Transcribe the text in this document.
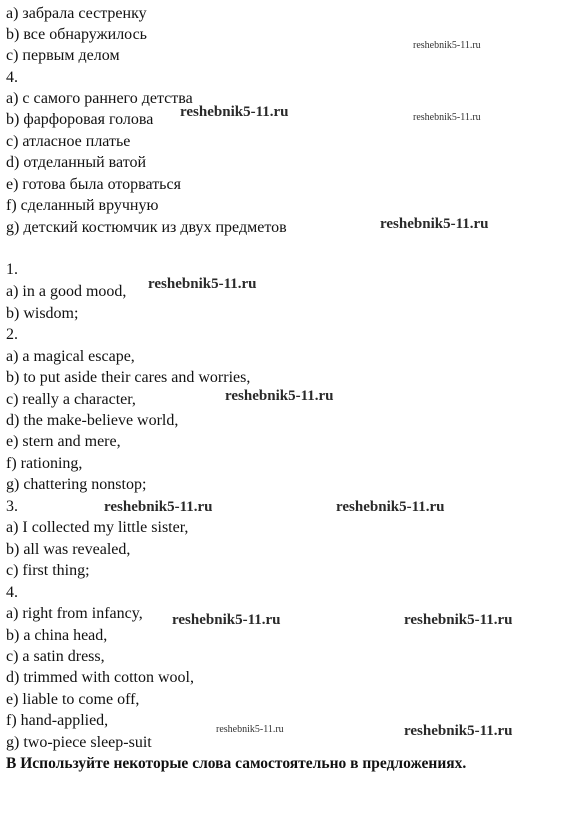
a) забрала сестренку
b) все обнаружилось
c) первым делом
4.
a) с самого раннего детства
b) фарфоровая голова
c) атласное платье
d) отделанный ватой
e) готова была оторваться
f) сделанный вручную
g) детский костюмчик из двух предметов
1.
a) in a good mood,
b) wisdom;
2.
a) a magical escape,
b) to put aside their cares and worries,
c) really a character,
d) the make-believe world,
e) stern and mere,
f) rationing,
g) chattering nonstop;
3.
a) I collected my little sister,
b) all was revealed,
c) first thing;
4.
a) right from infancy,
b) a china head,
c) a satin dress,
d) trimmed with cotton wool,
e) liable to come off,
f) hand-applied,
g) two-piece sleep-suit
B Используйте некоторые слова самостоятельно в предложениях.
reshebnik5-11.ru
reshebnik5-11.ru
reshebnik5-11.ru
reshebnik5-11.ru
reshebnik5-11.ru
reshebnik5-11.ru
reshebnik5-11.ru	reshebnik5-11.ru
reshebnik5-11.ru	reshebnik5-11.ru
reshebnik5-11.ru	reshebnik5-11.ru
